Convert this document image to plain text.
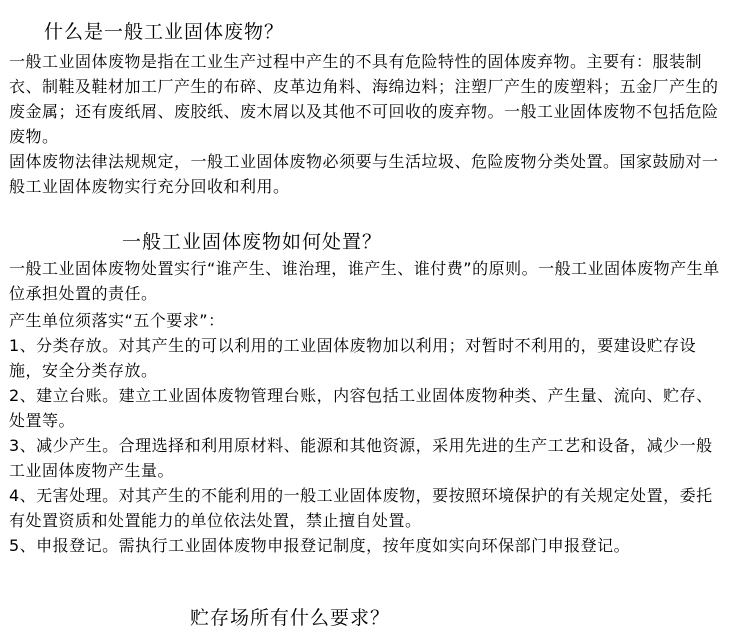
什么是一般工业固体废物？
一般工业固体废物是指在工业生产过程中产生的不具有危险特性的固体废弃物。主要有：服装制衣、制鞋及鞋材加工厂产生的布碎、皮革边角料、海绵边料；注塑厂产生的废塑料；五金厂产生的废金属；还有废纸屑、废胶纸、废木屑以及其他不可回收的废弃物。一般工业固体废物不包括危险废物。
固体废物法律法规规定，一般工业固体废物必须要与生活垃圾、危险废物分类处置。国家鼓励对一般工业固体废物实行充分回收和利用。
一般工业固体废物如何处置？
一般工业固体废物处置实行“谁产生、谁治理，谁产生、谁付费”的原则。一般工业固体废物产生单位承担处置的责任。
产生单位须落实“五个要求”：
1、分类存放。对其产生的可以利用的工业固体废物加以利用；对暂时不利用的，要建设贮存设施，安全分类存放。
2、建立台账。建立工业固体废物管理台账，内容包括工业固体废物种类、产生量、流向、贮存、处置等。
3、减少产生。合理选择和利用原材料、能源和其他资源，采用先进的生产工艺和设备，减少一般工业固体废物产生量。
4、无害处理。对其产生的不能利用的一般工业固体废物，要按照环境保护的有关规定处置，委托有处置资质和处置能力的单位依法处置，禁止擅自处置。
5、申报登记。需执行工业固体废物申报登记制度，按年度如实向环保部门申报登记。
贮存场所有什么要求？
